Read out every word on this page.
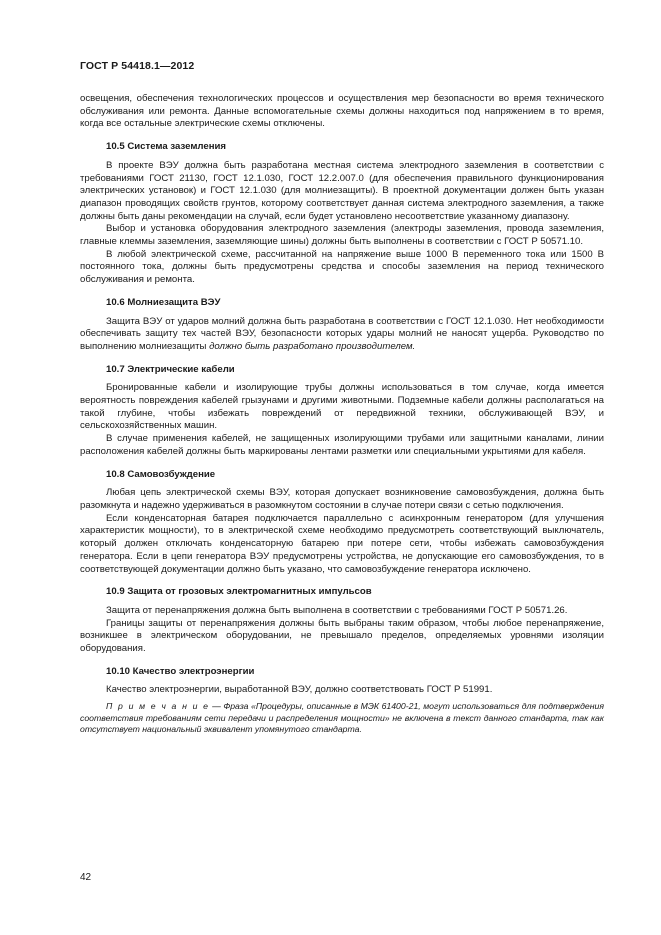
ГОСТ Р 54418.1—2012

освещения, обеспечения технологических процессов и осуществления мер безопасности во время технического обслуживания или ремонта. Данные вспомогательные схемы должны находиться под напряжением в то время, когда все остальные электрические схемы отключены.

10.5 Система заземления

В проекте ВЭУ должна быть разработана местная система электродного заземления в соответствии с требованиями ГОСТ 21130, ГОСТ 12.1.030, ГОСТ 12.2.007.0 (для обеспечения правильного функционирования электрических установок) и ГОСТ 12.1.030 (для молниезащиты). В проектной документации должен быть указан диапазон проводящих свойств грунтов, которому соответствует данная система электродного заземления, а также должны быть даны рекомендации на случай, если будет установлено несоответствие указанному диапазону.

Выбор и установка оборудования электродного заземления (электроды заземления, провода заземления, главные клеммы заземления, заземляющие шины) должны быть выполнены в соответствии с ГОСТ Р 50571.10.

В любой электрической схеме, рассчитанной на напряжение выше 1000 В переменного тока или 1500 В постоянного тока, должны быть предусмотрены средства и способы заземления на период технического обслуживания и ремонта.

10.6 Молниезащита ВЭУ

Защита ВЭУ от ударов молний должна быть разработана в соответствии с ГОСТ 12.1.030. Нет необходимости обеспечивать защиту тех частей ВЭУ, безопасности которых удары молний не наносят ущерба. Руководство по выполнению молниезащиты должно быть разработано производителем.

10.7 Электрические кабели

Бронированные кабели и изолирующие трубы должны использоваться в том случае, когда имеется вероятность повреждения кабелей грызунами и другими животными. Подземные кабели должны располагаться на такой глубине, чтобы избежать повреждений от передвижной техники, обслуживающей ВЭУ, и сельскохозяйственных машин.

В случае применения кабелей, не защищенных изолирующими трубами или защитными каналами, линии расположения кабелей должны быть маркированы лентами разметки или специальными укрытиями для кабеля.

10.8 Самовозбуждение

Любая цепь электрической схемы ВЭУ, которая допускает возникновение самовозбуждения, должна быть разомкнута и надежно удерживаться в разомкнутом состоянии в случае потери связи с сетью подключения.

Если конденсаторная батарея подключается параллельно с асинхронным генератором (для улучшения характеристик мощности), то в электрической схеме необходимо предусмотреть соответствующий выключатель, который должен отключать конденсаторную батарею при потере сети, чтобы избежать самовозбуждения генератора. Если в цепи генератора ВЭУ предусмотрены устройства, не допускающие его самовозбуждения, то в соответствующей документации должно быть указано, что самовозбуждение генератора исключено.

10.9 Защита от грозовых электромагнитных импульсов

Защита от перенапряжения должна быть выполнена в соответствии с требованиями ГОСТ Р 50571.26.

Границы защиты от перенапряжения должны быть выбраны таким образом, чтобы любое перенапряжение, возникшее в электрическом оборудовании, не превышало пределов, определяемых уровнями изоляции оборудования.

10.10 Качество электроэнергии

Качество электроэнергии, выработанной ВЭУ, должно соответствовать ГОСТ Р 51991.

П р и м е ч а н и е — Фраза «Процедуры, описанные в МЭК 61400-21, могут использоваться для подтверждения соответствия требованиям сети передачи и распределения мощности» не включена в текст данного стандарта, так как отсутствует национальный эквивалент упомянутого стандарта.

42
